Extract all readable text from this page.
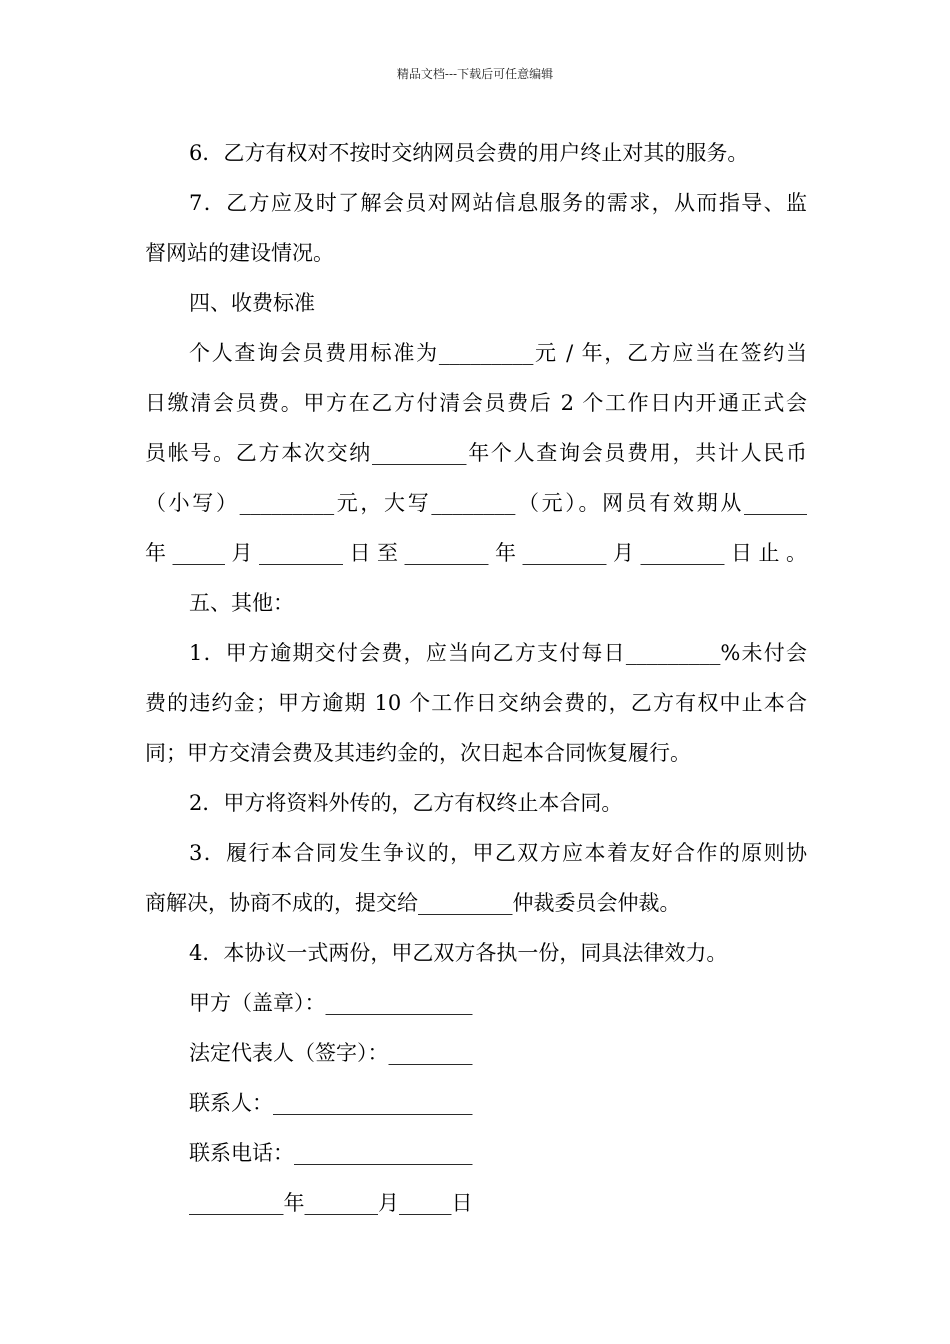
精品文档---下载后可任意编辑
6．乙方有权对不按时交纳网员会费的用户终止对其的服务。
7．乙方应及时了解会员对网站信息服务的需求，从而指导、监
督网站的建设情况。
四、收费标准
个人查询会员费用标准为_________元 / 年，乙方应当在签约当
日缴清会员费。甲方在乙方付清会员费后 2 个工作日内开通正式会
员帐号。乙方本次交纳_________年个人查询会员费用，共计人民币
（小写）_________元，大写________（元）。网员有效期从______
年_____月________日至________年________月________日止。
五、其他：
1．甲方逾期交付会费，应当向乙方支付每日_________%未付会
费的违约金；甲方逾期 10 个工作日交纳会费的，乙方有权中止本合
同；甲方交清会费及其违约金的，次日起本合同恢复履行。
2．甲方将资料外传的，乙方有权终止本合同。
3．履行本合同发生争议的，甲乙双方应本着友好合作的原则协
商解决，协商不成的，提交给_________仲裁委员会仲裁。
4．本协议一式两份，甲乙双方各执一份，同具法律效力。
甲方（盖章）：______________
法定代表人（签字）：________
联系人：___________________
联系电话：_________________
_________年_______月_____日
